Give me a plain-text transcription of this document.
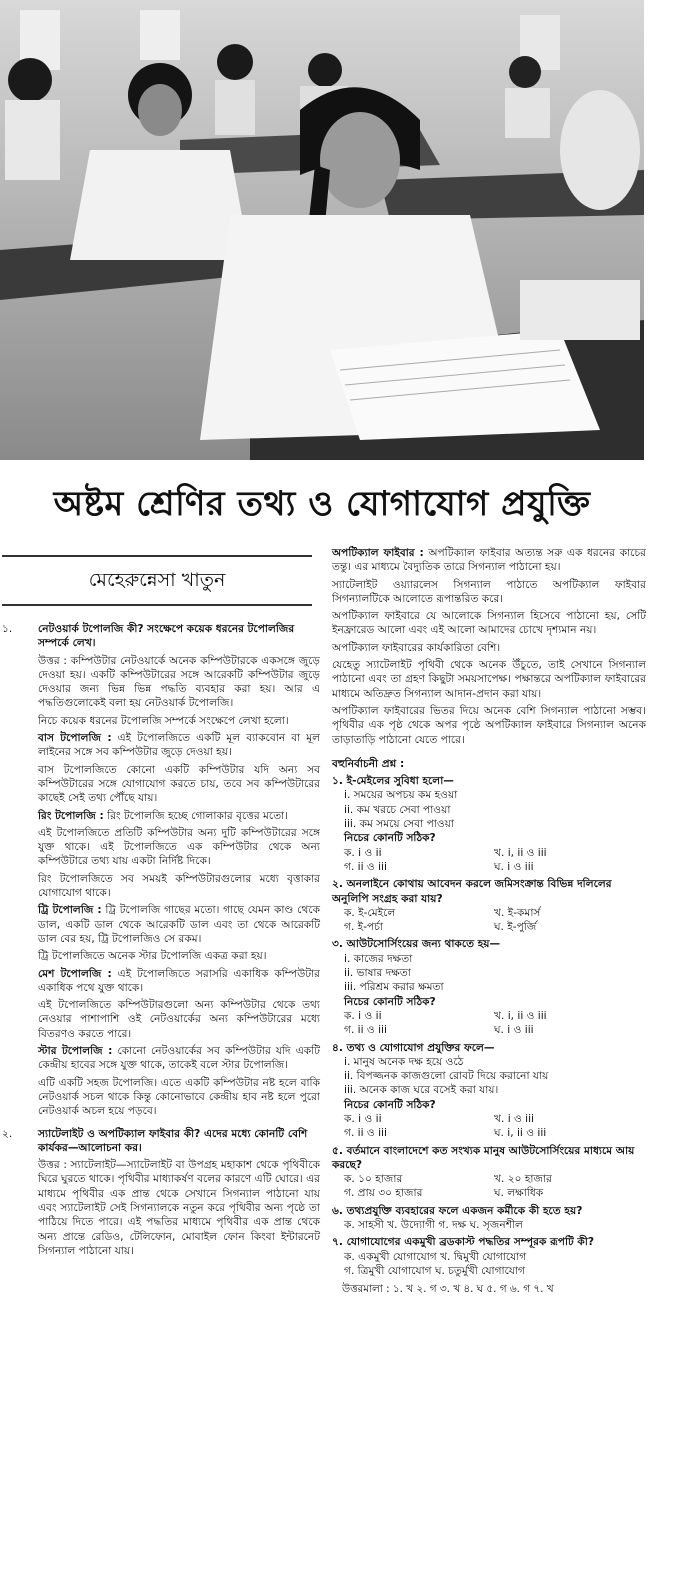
অষ্টম শ্রেণির তথ্য ও যোগাযোগ প্রযুক্তি
মেহেরুন্নেসা খাতুন
১.	নেটওয়ার্ক টপোলজি কী? সংক্ষেপে কয়েক ধরনের টপোলজির সম্পর্কে লেখ।
উত্তর : কম্পিউটার নেটওয়ার্কে অনেক কম্পিউটারকে একসঙ্গে জুড়ে দেওয়া হয়। একটি কম্পিউটারের সঙ্গে আরেকটি কম্পিউটার জুড়ে দেওয়ার জন্য ভিন্ন ভিন্ন পদ্ধতি ব্যবহার করা হয়। আর এ পদ্ধতিগুলোকেই বলা হয় নেটওয়ার্ক টপোলজি।
নিচে কয়েক ধরনের টপোলজি সম্পর্কে সংক্ষেপে লেখা হলো।
বাস টপোলজি : এই টপোলজিতে একটি মূল ব্যাকবোন বা মূল লাইনের সঙ্গে সব কম্পিউটার জুড়ে দেওয়া হয়।
বাস টপোলজিতে কোনো একটি কম্পিউটার যদি অন্য সব কম্পিউটারের সঙ্গে যোগাযোগ করতে চায়, তবে সব কম্পিউটারের কাছেই সেই তথ্য পৌঁছে যায়।
রিং টপোলজি : রিং টপোলজি হচ্ছে গোলাকার বৃত্তের মতো।
এই টপোলজিতে প্রতিটি কম্পিউটার অন্য দুটি কম্পিউটারের সঙ্গে যুক্ত থাকে। এই টপোলজিতে এক কম্পিউটার থেকে অন্য কম্পিউটারে তথ্য যায় একটা নির্দিষ্ট দিকে।
রিং টপোলজিতে সব সময়ই কম্পিউটারগুলোর মধ্যে বৃত্তাকার যোগাযোগ থাকে।
ট্রি টপোলজি : ট্রি টপোলজি গাছের মতো। গাছে যেমন কাণ্ড থেকে ডাল, একটি ডাল থেকে আরেকটি ডাল এবং তা থেকে আরেকটি ডাল বের হয়, ট্রি টপোলজিও সে রকম।
ট্রি টপোলজিতে অনেক স্টার টপোলজি একত্র করা হয়।
মেশ টপোলজি : এই টপোলজিতে সরাসরি একাধিক কম্পিউটার একাধিক পথে যুক্ত থাকে।
এই টপোলজিতে কম্পিউটারগুলো অন্য কম্পিউটার থেকে তথ্য নেওয়ার পাশাপাশি ওই নেটওয়ার্কের অন্য কম্পিউটারের মধ্যে বিতরণও করতে পারে।
স্টার টপোলজি : কোনো নেটওয়ার্কের সব কম্পিউটার যদি একটি কেন্দ্রীয় হাবের সঙ্গে যুক্ত থাকে, তাকেই বলে স্টার টপোলজি।
এটি একটি সহজ টপোলজি। এতে একটি কম্পিউটার নষ্ট হলে বাকি নেটওয়ার্ক সচল থাকে কিন্তু কোনোভাবে কেন্দ্রীয় হাব নষ্ট হলে পুরো নেটওয়ার্ক অচল হয়ে পড়বে।
২.	স্যাটেলাইট ও অপটিক্যাল ফাইবার কী? এদের মধ্যে কোনটি বেশি কার্যকর—আলোচনা কর।
উত্তর : স্যাটেলাইট—স্যাটেলাইট বা উপগ্রহ মহাকাশ থেকে পৃথিবীকে ঘিরে ঘুরতে থাকে। পৃথিবীর মাধ্যাকর্ষণ বলের কারণে এটি ঘোরে। এর মাধ্যমে পৃথিবীর এক প্রান্ত থেকে সেখানে সিগন্যাল পাঠানো যায় এবং স্যাটেলাইট সেই সিগন্যালকে নতুন করে পৃথিবীর অন্য পৃষ্ঠে তা পাঠিয়ে দিতে পারে। এই পদ্ধতির মাধ্যমে পৃথিবীর এক প্রান্ত থেকে অন্য প্রান্তে রেডিও, টেলিফোন, মোবাইল ফোন কিংবা ইন্টারনেট সিগন্যাল পাঠানো যায়।
অপটিক্যাল ফাইবার : অপটিক্যাল ফাইবার অত্যন্ত সরু এক ধরনের কাচের তন্তু। এর মাধ্যমে বৈদ্যুতিক তারে সিগন্যাল পাঠানো হয়।
স্যাটেলাইট ওয়্যারলেস সিগন্যাল পাঠাতে অপটিক্যাল ফাইবার সিগন্যালটিকে আলোতে রূপান্তরিত করে।
অপটিক্যাল ফাইবারে যে আলোকে সিগন্যাল হিসেবে পাঠানো হয়, সেটি ইনফ্রারেড আলো এবং এই আলো আমাদের চোখে দৃশ্যমান নয়।
অপটিক্যাল ফাইবারের কার্যকারিতা বেশি।
যেহেতু স্যাটেলাইট পৃথিবী থেকে অনেক উঁচুতে, তাই সেখানে সিগন্যাল পাঠানো এবং তা গ্রহণ কিছুটা সময়সাপেক্ষ। পক্ষান্তরে অপটিক্যাল ফাইবারের মাধ্যমে অতিদ্রুত সিগন্যাল আদান-প্রদান করা যায়।
অপটিক্যাল ফাইবারের ভিতর দিয়ে অনেক বেশি সিগন্যাল পাঠানো সম্ভব। পৃথিবীর এক পৃষ্ঠ থেকে অপর পৃষ্ঠে অপটিক্যাল ফাইবারে সিগন্যাল অনেক তাড়াতাড়ি পাঠানো যেতে পারে।
বহুনির্বাচনী প্রশ্ন :
১. ই-মেইলের সুবিধা হলো—
i. সময়ের অপচয় কম হওয়া
ii. কম খরচে সেবা পাওয়া
iii. কম সময়ে সেবা পাওয়া
নিচের কোনটি সঠিক?
ক. i ও ii	খ. i, ii ও iii
গ. ii ও iii	ঘ. i ও iii
২. অনলাইনে কোথায় আবেদন করলে জমিসংক্রান্ত বিভিন্ন দলিলের অনুলিপি সংগ্রহ করা যায়?
ক. ই-মেইলে	খ. ই-কমার্স
গ. ই-পর্চা	ঘ. ই-পুর্জি
৩. আউটসোর্সিংয়ের জন্য থাকতে হয়—
i. কাজের দক্ষতা
ii. ভাষার দক্ষতা
iii. পরিশ্রম করার ক্ষমতা
নিচের কোনটি সঠিক?
ক. i ও ii	খ. i, ii ও iii
গ. ii ও iii	ঘ. i ও iii
৪. তথ্য ও যোগাযোগ প্রযুক্তির ফলে—
i. মানুষ অনেক দক্ষ হয়ে ওঠে
ii. বিপজ্জনক কাজগুলো রোবট দিয়ে করানো যায়
iii. অনেক কাজ ঘরে বসেই করা যায়।
নিচের কোনটি সঠিক?
ক. i ও ii	খ. i ও iii
গ. ii ও iii	ঘ. i, ii ও iii
৫. বর্তমানে বাংলাদেশে কত সংখ্যক মানুষ আউটসোর্সিংয়ের মাধ্যমে আয় করছে?
ক. ১০ হাজার	খ. ২০ হাজার
গ. প্রায় ৩০ হাজার	ঘ. লক্ষাধিক
৬. তথ্যপ্রযুক্তি ব্যবহারের ফলে একজন কর্মীকে কী হতে হয়?
ক. সাহসী খ. উদ্যোগী গ. দক্ষ ঘ. সৃজনশীল
৭. যোগাযোগের একমুখী ব্রডকাস্ট পদ্ধতির সম্পূরক রূপটি কী?
ক. একমুখী যোগাযোগ খ. দ্বিমুখী যোগাযোগ
গ. ত্রিমুখী যোগাযোগ ঘ. চতুর্মুখী যোগাযোগ
উত্তরমালা : ১. খ ২. গ ৩. খ ৪. ঘ ৫. গ ৬. গ ৭. খ
